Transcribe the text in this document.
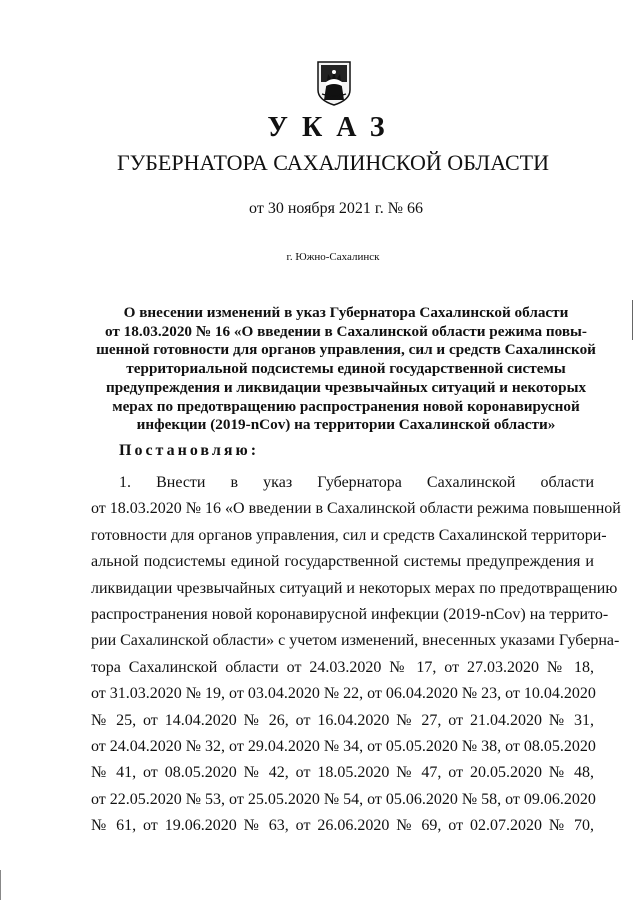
УКАЗ
ГУБЕРНАТОРА САХАЛИНСКОЙ ОБЛАСТИ
от 30 ноября 2021 г. № 66
г. Южно-Сахалинск
О внесении изменений в указ Губернатора Сахалинской области
от 18.03.2020 № 16 «О введении в Сахалинской области режима повы-
шенной готовности для органов управления, сил и средств Сахалинской
территориальной подсистемы единой государственной системы
предупреждения и ликвидации чрезвычайных ситуаций и некоторых
мерах по предотвращению распространения новой коронавирусной
инфекции (2019-nCov) на территории Сахалинской области»
Постановляю:
1. Внести в указ Губернатора Сахалинской области
от 18.03.2020 № 16 «О введении в Сахалинской области режима повышенной
готовности для органов управления, сил и средств Сахалинской территори-
альной подсистемы единой государственной системы предупреждения и
ликвидации чрезвычайных ситуаций и некоторых мерах по предотвращению
распространения новой коронавирусной инфекции (2019-nCov) на террито-
рии Сахалинской области» с учетом изменений, внесенных указами Губерна-
тора Сахалинской области от 24.03.2020 № 17, от 27.03.2020 № 18,
от 31.03.2020 № 19, от 03.04.2020 № 22, от 06.04.2020 № 23, от 10.04.2020
№ 25, от 14.04.2020 № 26, от 16.04.2020 № 27, от 21.04.2020 № 31,
от 24.04.2020 № 32, от 29.04.2020 № 34, от 05.05.2020 № 38, от 08.05.2020
№ 41, от 08.05.2020 № 42, от 18.05.2020 № 47, от 20.05.2020 № 48,
от 22.05.2020 № 53, от 25.05.2020 № 54, от 05.06.2020 № 58, от 09.06.2020
№ 61, от 19.06.2020 № 63, от 26.06.2020 № 69, от 02.07.2020 № 70,
